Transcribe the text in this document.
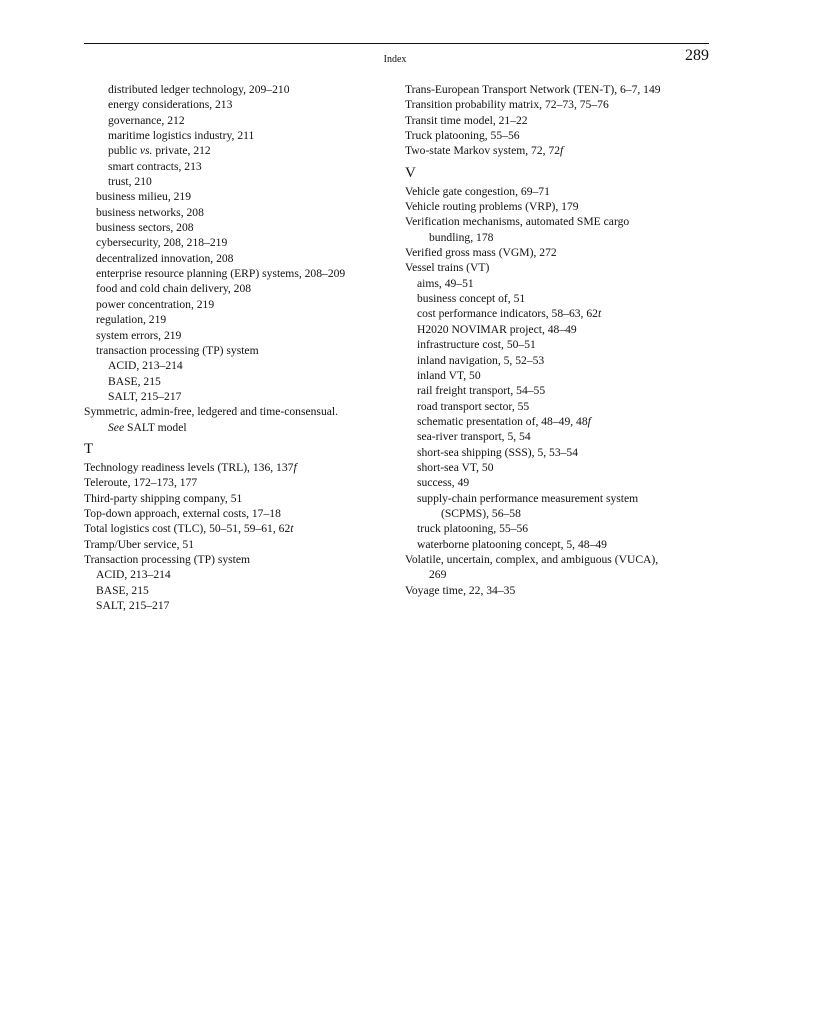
Index	289
distributed ledger technology, 209–210
energy considerations, 213
governance, 212
maritime logistics industry, 211
public vs. private, 212
smart contracts, 213
trust, 210
business milieu, 219
business networks, 208
business sectors, 208
cybersecurity, 208, 218–219
decentralized innovation, 208
enterprise resource planning (ERP) systems, 208–209
food and cold chain delivery, 208
power concentration, 219
regulation, 219
system errors, 219
transaction processing (TP) system
ACID, 213–214
BASE, 215
SALT, 215–217
Symmetric, admin-free, ledgered and time-consensual.
See SALT model
T
Technology readiness levels (TRL), 136, 137f
Teleroute, 172–173, 177
Third-party shipping company, 51
Top-down approach, external costs, 17–18
Total logistics cost (TLC), 50–51, 59–61, 62t
Tramp/Uber service, 51
Transaction processing (TP) system
ACID, 213–214
BASE, 215
SALT, 215–217
Trans-European Transport Network (TEN-T), 6–7, 149
Transition probability matrix, 72–73, 75–76
Transit time model, 21–22
Truck platooning, 55–56
Two-state Markov system, 72, 72f
V
Vehicle gate congestion, 69–71
Vehicle routing problems (VRP), 179
Verification mechanisms, automated SME cargo
bundling, 178
Verified gross mass (VGM), 272
Vessel trains (VT)
aims, 49–51
business concept of, 51
cost performance indicators, 58–63, 62t
H2020 NOVIMAR project, 48–49
infrastructure cost, 50–51
inland navigation, 5, 52–53
inland VT, 50
rail freight transport, 54–55
road transport sector, 55
schematic presentation of, 48–49, 48f
sea-river transport, 5, 54
short-sea shipping (SSS), 5, 53–54
short-sea VT, 50
success, 49
supply-chain performance measurement system
(SCPMS), 56–58
truck platooning, 55–56
waterborne platooning concept, 5, 48–49
Volatile, uncertain, complex, and ambiguous (VUCA),
269
Voyage time, 22, 34–35
